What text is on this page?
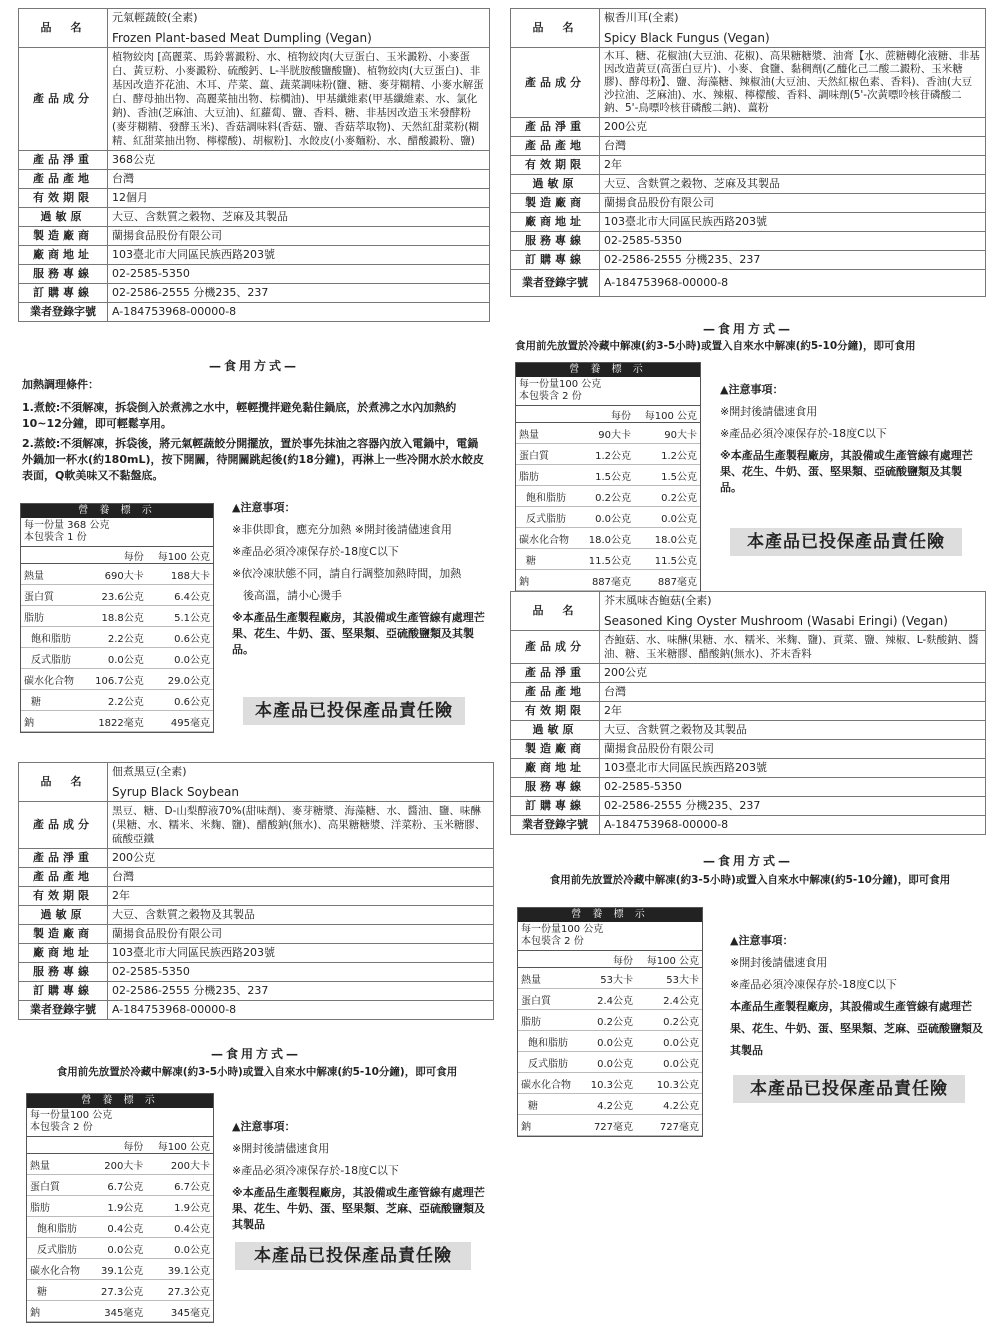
品　名	元氣輕蔬餃(全素)
Frozen Plant-based Meat Dumpling (Vegan)

產品成分	植物絞肉 [高麗菜、馬鈴薯澱粉、水、植物絞肉(大豆蛋白、玉米澱粉、小麥蛋白、黃豆粉、小麥澱粉、硫酸鈣、L-半胱胺酸鹽酸鹽)、植物絞肉(大豆蛋白)、非基因改造芥花油、木耳、芹菜、薑、蔬菜調味粉(鹽、糖、麥芽糊精、小麥水解蛋白、酵母抽出物、高麗菜抽出物、棕櫚油)、甲基纖維素(甲基纖維素、水、氯化鈉)、香油(芝麻油、大豆油)、紅蘿蔔、鹽、香料、糖、非基因改造玉米發酵粉(麥芽糊精、發酵玉米)、香菇調味料(香菇、鹽、香菇萃取物)、天然紅甜菜粉(糊精、紅甜菜抽出物、檸檬酸)、胡椒粉]、水餃皮(小麥麵粉、水、醋酸澱粉、鹽)
產品淨重	368公克
產品產地	台灣
有效期限	12個月
過敏原	大豆、含麩質之穀物、芝麻及其製品
製造廠商	蘭揚食品股份有限公司
廠商地址	103臺北市大同區民族西路203號
服務專線	02-2585-5350
訂購專線	02-2586-2555 分機235、237
業者登錄字號	A-184753968-00000-8
—食用方式—
加熱調理條件：
1.煮餃:不須解凍，拆袋倒入於煮沸之水中，輕輕攪拌避免黏住鍋底，於煮沸之水內加熱約10~12分鐘，即可輕鬆享用。
2.蒸餃:不須解凍，拆袋後，將元氣輕蔬餃分開擺放，置於事先抹油之容器內放入電鍋中，電鍋外鍋加一杯水(約180mL)，按下開關，待開關跳起後(約18分鐘)，再淋上一些冷開水於水餃皮表面，Q軟美味又不黏盤底。
營 養 標 示
每一份量 368 公克
本包裝含 1 份
	每份	每100 公克
熱量	690大卡	188大卡
蛋白質	23.6公克	6.4公克
脂肪	18.8公克	5.1公克
飽和脂肪	2.2公克	0.6公克
反式脂肪	0.0公克	0.0公克
碳水化合物	106.7公克	29.0公克
糖	2.2公克	0.6公克
鈉	1822毫克	495毫克
▲注意事項：
※非供即食，應充分加熱 ※開封後請儘速食用
※產品必須冷凍保存於-18度C以下
※依冷凍狀態不同，請自行調整加熱時間，加熱
　後高溫，請小心燙手
※本產品生產製程廠房，其設備或生產管線有處理芒果、花生、牛奶、蛋、堅果類、亞硫酸鹽類及其製品。
本產品已投保產品責任險
品　名	椒香川耳(全素)
Spicy Black Fungus (Vegan)

產品成分	木耳、糖、花椒油(大豆油、花椒)、高果糖糖漿、油膏【水、蔗糖轉化液糖、非基因改造黃豆(高蛋白豆片)、小麥、食鹽、黏稠劑(乙醯化己二酸二澱粉、玉米糖膠)、酵母粉】、鹽、海藻糖、辣椒油(大豆油、天然紅椒色素、香料)、香油(大豆沙拉油、芝麻油)、水、辣椒、檸檬酸、香料、調味劑(5'-次黃嘌呤核苷磷酸二鈉、5'-鳥嘌呤核苷磷酸二鈉)、薑粉
產品淨重	200公克
產品產地	台灣
有效期限	2年
過敏原	大豆、含麩質之穀物、芝麻及其製品
製造廠商	蘭揚食品股份有限公司
廠商地址	103臺北市大同區民族西路203號
服務專線	02-2585-5350
訂購專線	02-2586-2555 分機235、237
業者登錄字號	A-184753968-00000-8
—食用方式—
食用前先放置於冷藏中解凍(約3-5小時)或置入自來水中解凍(約5-10分鐘)，即可食用
營 養 標 示
每一份量100 公克
本包裝含 2 份
	每份	每100 公克
熱量	90大卡	90大卡
蛋白質	1.2公克	1.2公克
脂肪	1.5公克	1.5公克
飽和脂肪	0.2公克	0.2公克
反式脂肪	0.0公克	0.0公克
碳水化合物	18.0公克	18.0公克
糖	11.5公克	11.5公克
鈉	887毫克	887毫克
▲注意事項：
※開封後請儘速食用
※產品必須冷凍保存於-18度C以下
※本產品生產製程廠房，其設備或生產管線有處理芒果、花生、牛奶、蛋、堅果類、亞硫酸鹽類及其製品。
本產品已投保產品責任險
品　名	佃煮黑豆(全素)
Syrup Black Soybean

產品成分	黑豆、糖、D-山梨醇液70%(甜味劑)、麥芽糖漿、海藻糖、水、醬油、鹽、味醂(果糖、水、糯米、米麴、鹽)、醋酸鈉(無水)、高果糖糖漿、洋菜粉、玉米糖膠、硫酸亞鐵
產品淨重	200公克
產品產地	台灣
有效期限	2年
過敏原	大豆、含麩質之穀物及其製品
製造廠商	蘭揚食品股份有限公司
廠商地址	103臺北市大同區民族西路203號
服務專線	02-2585-5350
訂購專線	02-2586-2555 分機235、237
業者登錄字號	A-184753968-00000-8
—食用方式—
食用前先放置於冷藏中解凍(約3-5小時)或置入自來水中解凍(約5-10分鐘)，即可食用
營 養 標 示
每一份量100 公克
本包裝含 2 份
	每份	每100 公克
熱量	200大卡	200大卡
蛋白質	6.7公克	6.7公克
脂肪	1.9公克	1.9公克
飽和脂肪	0.4公克	0.4公克
反式脂肪	0.0公克	0.0公克
碳水化合物	39.1公克	39.1公克
糖	27.3公克	27.3公克
鈉	345毫克	345毫克
▲注意事項：
※開封後請儘速食用
※產品必須冷凍保存於-18度C以下
※本產品生產製程廠房，其設備或生產管線有處理芒果、花生、牛奶、蛋、堅果類、芝麻、亞硫酸鹽類及其製品
本產品已投保產品責任險
品　名	芥末風味杏鮑菇(全素)
Seasoned King Oyster Mushroom (Wasabi Eringi) (Vegan)

產品成分	杏鮑菇、水、味醂(果糖、水、糯米、米麴、鹽)、貢菜、鹽、辣椒、L-麩酸鈉、醬油、糖、玉米糖膠、醋酸鈉(無水)、芥末香料
產品淨重	200公克
產品產地	台灣
有效期限	2年
過敏原	大豆、含麩質之穀物及其製品
製造廠商	蘭揚食品股份有限公司
廠商地址	103臺北市大同區民族西路203號
服務專線	02-2585-5350
訂購專線	02-2586-2555 分機235、237
業者登錄字號	A-184753968-00000-8
—食用方式—
食用前先放置於冷藏中解凍(約3-5小時)或置入自來水中解凍(約5-10分鐘)，即可食用
營 養 標 示
每一份量100 公克
本包裝含 2 份
	每份	每100 公克
熱量	53大卡	53大卡
蛋白質	2.4公克	2.4公克
脂肪	0.2公克	0.2公克
飽和脂肪	0.0公克	0.0公克
反式脂肪	0.0公克	0.0公克
碳水化合物	10.3公克	10.3公克
糖	4.2公克	4.2公克
鈉	727毫克	727毫克
▲注意事項：
※開封後請儘速食用
※產品必須冷凍保存於-18度C以下
本產品生產製程廠房，其設備或生產管線有處理芒果、花生、牛奶、蛋、堅果類、芝麻、亞硫酸鹽類及其製品
本產品已投保產品責任險
